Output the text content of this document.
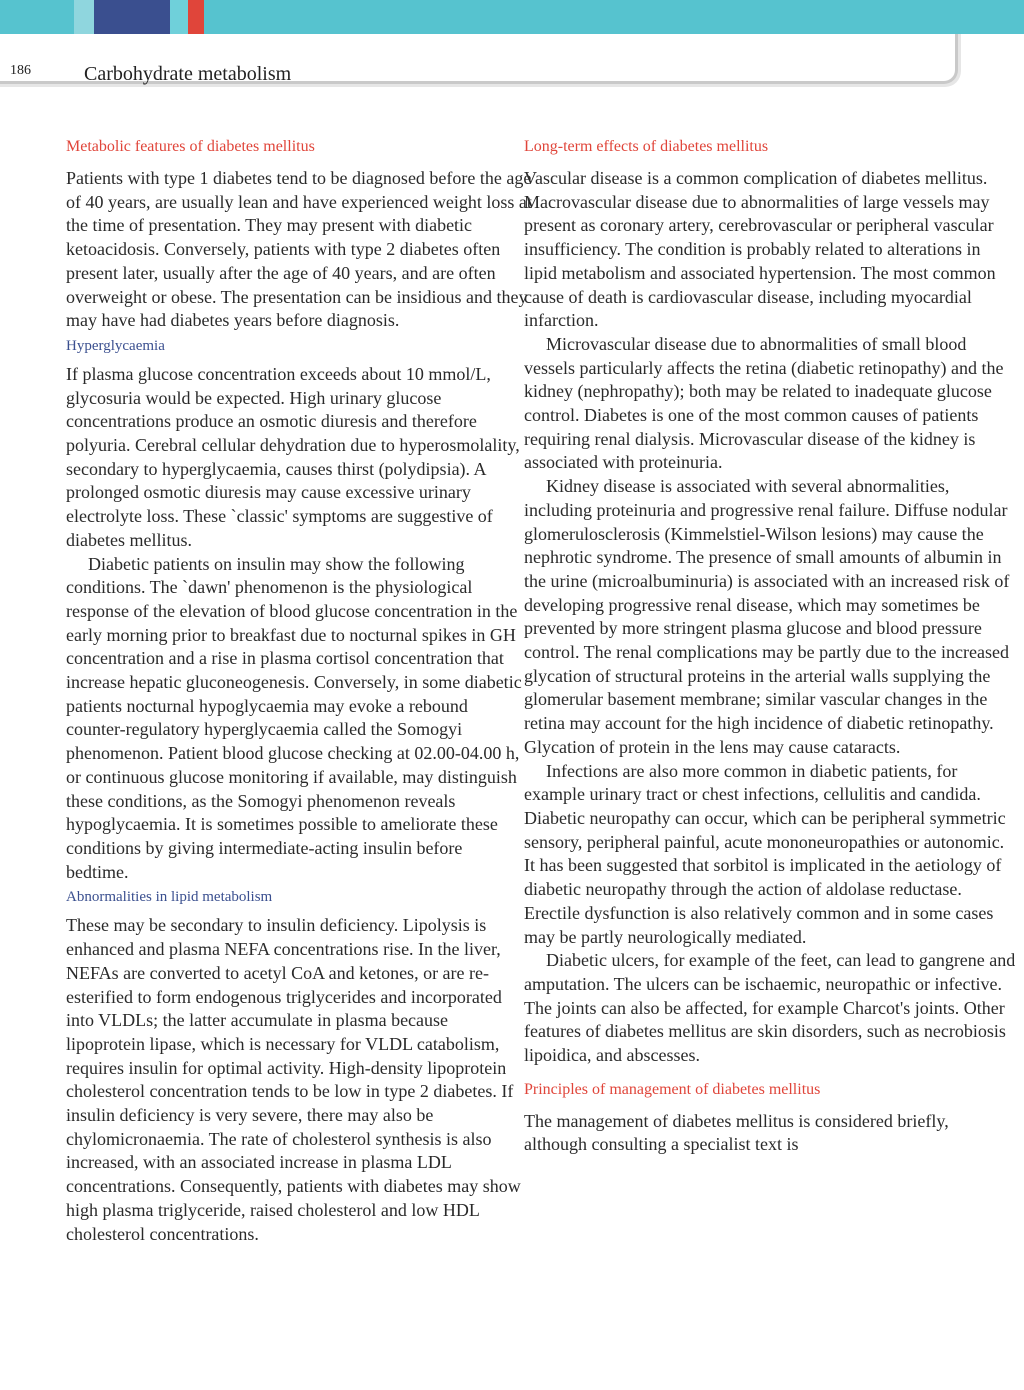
186	Carbohydrate metabolism
Metabolic features of diabetes mellitus

Patients with type 1 diabetes tend to be diagnosed before the age of 40 years, are usually lean and have experienced weight loss at the time of presentation. They may present with diabetic ketoacidosis. Conversely, patients with type 2 diabetes often present later, usually after the age of 40 years, and are often overweight or obese. The presentation can be insidious and they may have had diabetes years before diagnosis.

Hyperglycaemia

If plasma glucose concentration exceeds about 10 mmol/L, glycosuria would be expected. High urinary glucose concentrations produce an osmotic diuresis and therefore polyuria. Cerebral cellular dehydration due to hyperosmolality, secondary to hyperglycaemia, causes thirst (polydipsia). A prolonged osmotic diuresis may cause excessive urinary electrolyte loss. These `classic' symptoms are suggestive of diabetes mellitus.

Diabetic patients on insulin may show the following conditions. The `dawn' phenomenon is the physiological response of the elevation of blood glucose concentration in the early morning prior to breakfast due to nocturnal spikes in GH concentration and a rise in plasma cortisol concentration that increase hepatic gluconeogenesis. Conversely, in some diabetic patients nocturnal hypoglycaemia may evoke a rebound counter-regulatory hyperglycaemia called the Somogyi phenomenon. Patient blood glucose checking at 02.00-04.00 h, or continuous glucose monitoring if available, may distinguish these conditions, as the Somogyi phenomenon reveals hypoglycaemia. It is sometimes possible to ameliorate these conditions by giving intermediate-acting insulin before bedtime.

Abnormalities in lipid metabolism

These may be secondary to insulin deficiency. Lipolysis is enhanced and plasma NEFA concentrations rise. In the liver, NEFAs are converted to acetyl CoA and ketones, or are re-esterified to form endogenous triglycerides and incorporated into VLDLs; the latter accumulate in plasma because lipoprotein lipase, which is necessary for VLDL catabolism, requires insulin for optimal activity. High-density lipoprotein cholesterol concentration tends to be low in type 2 diabetes. If insulin deficiency is very severe, there may also be chylomicronaemia. The rate of cholesterol synthesis is also increased, with an associated increase in plasma LDL concentrations. Consequently, patients with diabetes may show high plasma triglyceride, raised cholesterol and low HDL cholesterol concentrations.

Long-term effects of diabetes mellitus

Vascular disease is a common complication of diabetes mellitus. Macrovascular disease due to abnormalities of large vessels may present as coronary artery, cerebrovascular or peripheral vascular insufficiency. The condition is probably related to alterations in lipid metabolism and associated hypertension. The most common cause of death is cardiovascular disease, including myocardial infarction.

Microvascular disease due to abnormalities of small blood vessels particularly affects the retina (diabetic retinopathy) and the kidney (nephropathy); both may be related to inadequate glucose control. Diabetes is one of the most common causes of patients requiring renal dialysis. Microvascular disease of the kidney is associated with proteinuria.

Kidney disease is associated with several abnormalities, including proteinuria and progressive renal failure. Diffuse nodular glomerulosclerosis (Kimmelstiel-Wilson lesions) may cause the nephrotic syndrome. The presence of small amounts of albumin in the urine (microalbuminuria) is associated with an increased risk of developing progressive renal disease, which may sometimes be prevented by more stringent plasma glucose and blood pressure control. The renal complications may be partly due to the increased glycation of structural proteins in the arterial walls supplying the glomerular basement membrane; similar vascular changes in the retina may account for the high incidence of diabetic retinopathy. Glycation of protein in the lens may cause cataracts.

Infections are also more common in diabetic patients, for example urinary tract or chest infections, cellulitis and candida. Diabetic neuropathy can occur, which can be peripheral symmetric sensory, peripheral painful, acute mononeuropathies or autonomic. It has been suggested that sorbitol is implicated in the aetiology of diabetic neuropathy through the action of aldolase reductase. Erectile dysfunction is also relatively common and in some cases may be partly neurologically mediated.

Diabetic ulcers, for example of the feet, can lead to gangrene and amputation. The ulcers can be ischaemic, neuropathic or infective. The joints can also be affected, for example Charcot's joints. Other features of diabetes mellitus are skin disorders, such as necrobiosis lipoidica, and abscesses.

Principles of management of diabetes mellitus

The management of diabetes mellitus is considered briefly, although consulting a specialist text is
